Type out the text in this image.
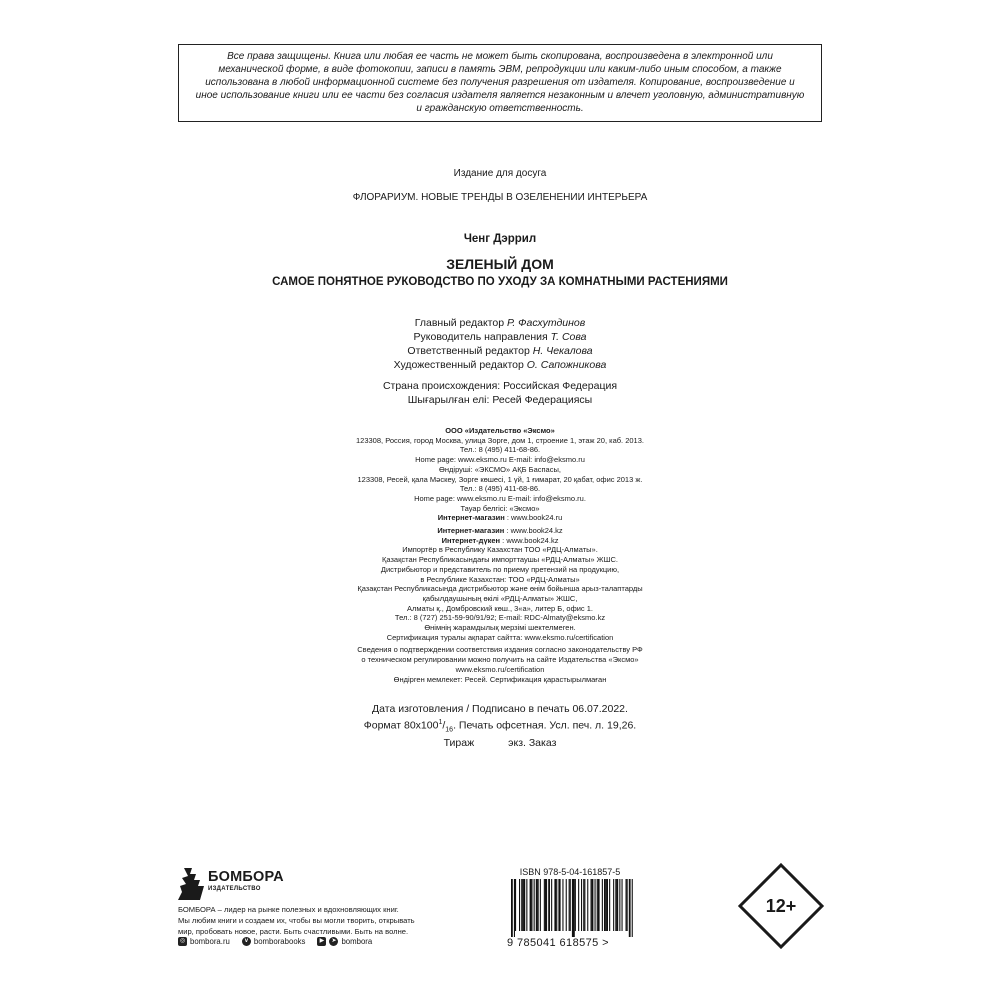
Все права защищены. Книга или любая ее часть не может быть скопирована, воспроизведена в электронной или
механической форме, в виде фотокопии, записи в память ЭВМ, репродукции или каким-либо иным способом, а также
использована в любой информационной системе без получения разрешения от издателя. Копирование, воспроизведение и
иное использование книги или ее части без согласия издателя является незаконным и влечет уголовную, административную
и гражданскую ответственность.
Издание для досуга
ФЛОРАРИУМ. НОВЫЕ ТРЕНДЫ В ОЗЕЛЕНЕНИИ ИНТЕРЬЕРА
Ченг Дэррил
ЗЕЛЕНЫЙ ДОМ
САМОЕ ПОНЯТНОЕ РУКОВОДСТВО ПО УХОДУ ЗА КОМНАТНЫМИ РАСТЕНИЯМИ
Главный редактор Р. Фасхутдинов
Руководитель направления Т. Сова
Ответственный редактор Н. Чекалова
Художественный редактор О. Сапожникова
Страна происхождения: Российская Федерация
Шығарылған елі: Ресей Федерациясы
ООО «Издательство «Эксмо»
123308, Россия, город Москва, улица Зорге, дом 1, строение 1, этаж 20, каб. 2013.
Тел.: 8 (495) 411-68-86.
Home page: www.eksmo.ru E-mail: info@eksmo.ru
Өндіруші: «ЭКСМО» АҚБ Баспасы,
123308, Ресей, қала Мәскеу, Зорге көшесі, 1 үй, 1 ғимарат, 20 қабат, офис 2013 ж.
Тел.: 8 (495) 411-68-86.
Home page: www.eksmo.ru E-mail: info@eksmo.ru.
Тауар белгісі: «Эксмо»
Интернет-магазин : www.book24.ru
Интернет-магазин : www.book24.kz
Интернет-дүкен : www.book24.kz
Импортёр в Республику Казахстан ТОО «РДЦ-Алматы».
Қазақстан Республикасындағы импорттаушы «РДЦ-Алматы» ЖШС.
Дистрибьютор и представитель по приему претензий на продукцию,
в Республике Казахстан: ТОО «РДЦ-Алматы»
Қазақстан Республикасында дистрибьютор және өнім бойынша арыз-талаптарды
қабылдаушының өкілі «РДЦ-Алматы» ЖШС,
Алматы қ., Домбровский көш., 3«а», литер Б, офис 1.
Тел.: 8 (727) 251-59-90/91/92; E-mail: RDC-Almaty@eksmo.kz
Өнімнің жарамдылық мерзімі шектелмеген.
Сертификация туралы ақпарат сайтта: www.eksmo.ru/certification
Сведения о подтверждении соответствия издания согласно законодательству РФ
о техническом регулировании можно получить на сайте Издательства «Эксмо»
www.eksmo.ru/certification
Өндірген мемлекет: Ресей. Сертификация қарастырылмаған
Дата изготовления / Подписано в печать 06.07.2022.
Формат $80x100^1/_{16}$. Печать офсетная. Усл. печ. л. 19,26.
Тираж	экз. Заказ
БОМБОРА
ИЗДАТЕЛЬСТВО
БОМБОРА – лидер на рынке полезных и вдохновляющих книг.
Мы любим книги и создаем их, чтобы вы могли творить, открывать
мир, пробовать новое, расти. Быть счастливыми. Быть на волне.
◎ bombora.ru	v bomborabooks	▶	➤ bombora
ISBN 978-5-04-161857-5
9 785041 618575 >
12+
